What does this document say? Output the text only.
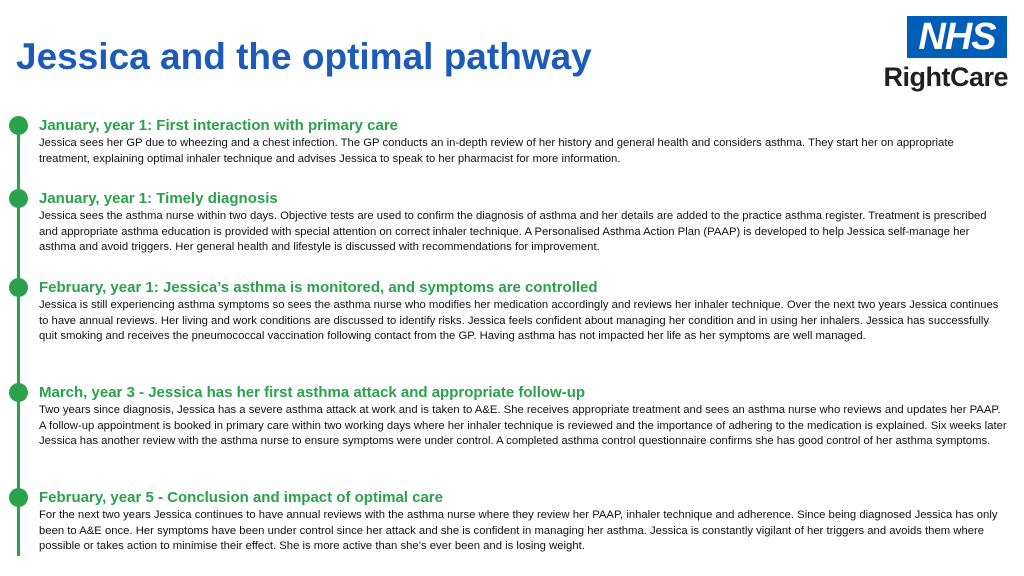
Jessica and the optimal pathway	NHS
RightCare

January, year 1: First interaction with primary care

Jessica sees her GP due to wheezing and a chest infection. The GP conducts an in-depth review of her history and general health and considers asthma. They start her on appropriate treatment, explaining optimal inhaler technique and advises Jessica to speak to her pharmacist for more information.

January, year 1: Timely diagnosis

Jessica sees the asthma nurse within two days. Objective tests are used to confirm the diagnosis of asthma and her details are added to the practice asthma register. Treatment is prescribed and appropriate asthma education is provided with special attention on correct inhaler technique. A Personalised Asthma Action Plan (PAAP) is developed to help Jessica self-manage her asthma and avoid triggers. Her general health and lifestyle is discussed with recommendations for improvement.

February, year 1: Jessica’s asthma is monitored, and symptoms are controlled

Jessica is still experiencing asthma symptoms so sees the asthma nurse who modifies her medication accordingly and reviews her inhaler technique. Over the next two years Jessica continues to have annual reviews. Her living and work conditions are discussed to identify risks. Jessica feels confident about managing her condition and in using her inhalers. Jessica has successfully quit smoking and receives the pneumococcal vaccination following contact from the GP. Having asthma has not impacted her life as her symptoms are well managed.

March, year 3 - Jessica has her first asthma attack and appropriate follow-up

Two years since diagnosis, Jessica has a severe asthma attack at work and is taken to A&E. She receives appropriate treatment and sees an asthma nurse who reviews and updates her PAAP. A follow-up appointment is booked in primary care within two working days where her inhaler technique is reviewed and the importance of adhering to the medication is explained. Six weeks later Jessica has another review with the asthma nurse to ensure symptoms were under control. A completed asthma control questionnaire confirms she has good control of her asthma symptoms.

February, year 5 - Conclusion and impact of optimal care

For the next two years Jessica continues to have annual reviews with the asthma nurse where they review her PAAP, inhaler technique and adherence. Since being diagnosed Jessica has only been to A&E once. Her symptoms have been under control since her attack and she is confident in managing her asthma. Jessica is constantly vigilant of her triggers and avoids them where possible or takes action to minimise their effect. She is more active than she’s ever been and is losing weight.
